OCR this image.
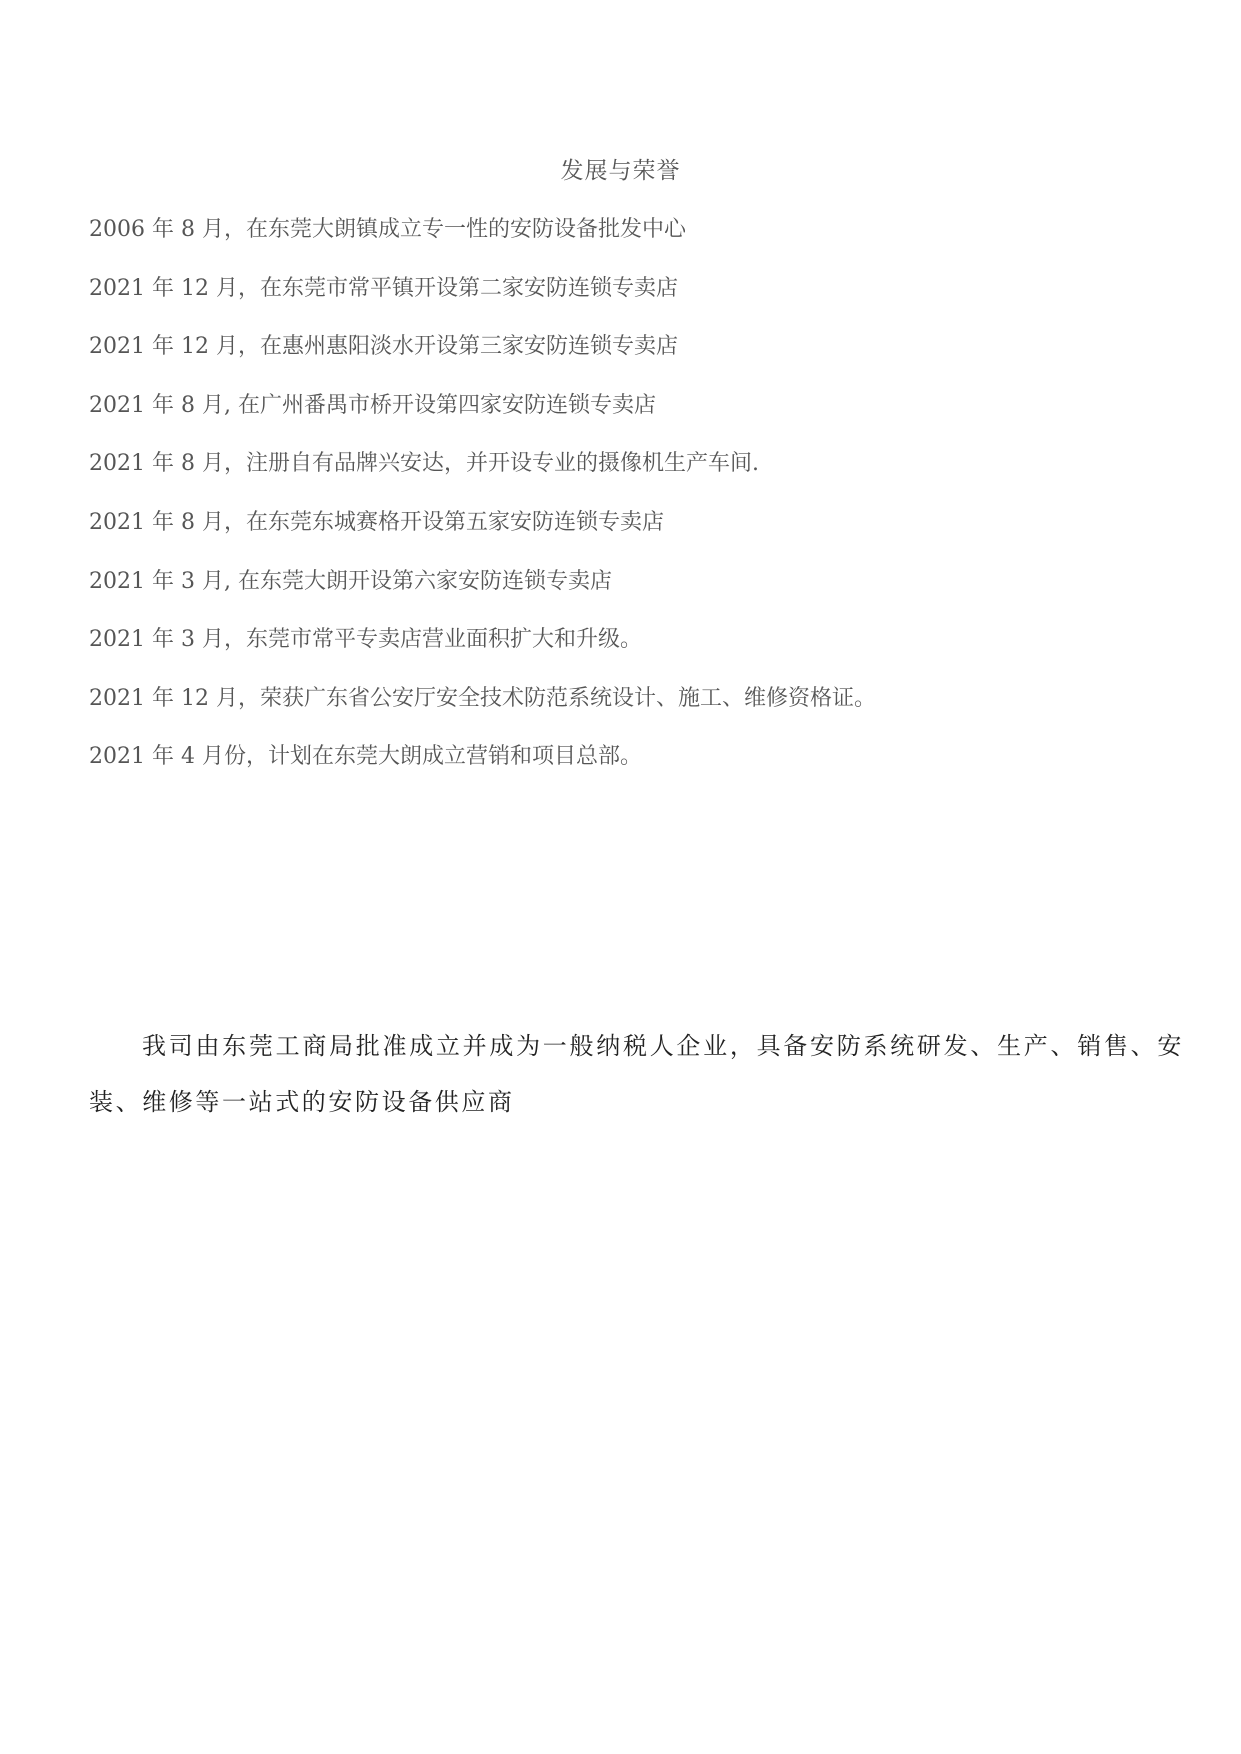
发展与荣誉
2006 年 8 月，在东莞大朗镇成立专一性的安防设备批发中心
2021 年 12 月，在东莞市常平镇开设第二家安防连锁专卖店
2021 年 12 月，在惠州惠阳淡水开设第三家安防连锁专卖店
2021 年 8 月, 在广州番禺市桥开设第四家安防连锁专卖店
2021 年 8 月，注册自有品牌兴安达，并开设专业的摄像机生产车间.
2021 年 8 月，在东莞东城赛格开设第五家安防连锁专卖店
2021 年 3 月, 在东莞大朗开设第六家安防连锁专卖店
2021 年 3 月，东莞市常平专卖店营业面积扩大和升级。
2021 年 12 月，荣获广东省公安厅安全技术防范系统设计、施工、维修资格证。
2021 年 4 月份，计划在东莞大朗成立营销和项目总部。

我司由东莞工商局批准成立并成为一般纳税人企业，具备安防系统研发、生产、销售、安装、维修等一站式的安防设备供应商
